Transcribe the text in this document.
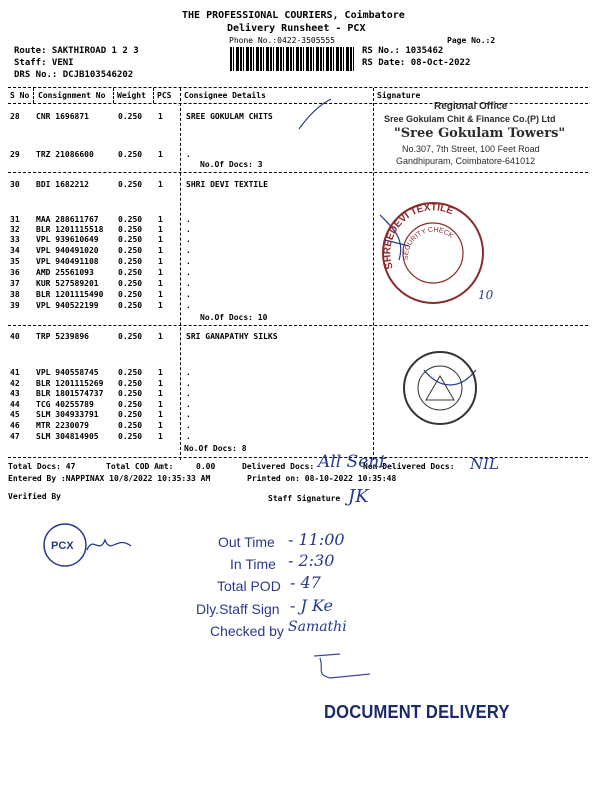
THE PROFESSIONAL COURIERS, Coimbatore
Delivery Runsheet - PCX
Phone No.:0422-3505555	Page No.:2
Route: SAKTHIROAD 1 2 3
Staff: VENI
DRS No.: DCJB103546202
RS No.: 1035462
RS Date: 08-Oct-2022
S No Consignment No Weight PCS Consignee Details	Signature
28 CNR 1696871	0.250 1	SREE GOKULAM CHITS
29 TRZ 21086600	0.250 1	.
No.Of Docs: 3
30 BDI 1682212	0.250 1	SHRI DEVI TEXTILE
31 MAA 288611767 0.250 1	.
32 BLR 1201115518 0.250 1	.
33 VPL 939610649 0.250 1	.
34 VPL 940491020 0.250 1	.
35 VPL 940491108 0.250 1	.
36 AMD 25561093	0.250 1	.
37 KUR 527589201 0.250 1	.
38 BLR 1201115490 0.250 1	.
39 VPL 940522199 0.250 1	.
No.Of Docs: 10
40 TRP 5239896	0.250 1	SRI GANAPATHY SILKS
41 VPL 940558745 0.250 1	.
42 BLR 1201115269 0.250 1	.
43 BLR 1801574737 0.250 1	.
44 TCG 40255789	0.250 1	.
45 SLM 304933791 0.250 1	.
46 MTR 2230079	0.250 1	.
47 SLM 304814905 0.250 1	.
No.Of Docs: 8
Total Docs: 47	Total COD Amt:	0.00	Delivered Docs:	Non-Delivered Docs:
Entered By :NAPPINAX 10/8/2022 10:35:33 AM	Printed on: 08-10-2022 10:35:48
Verified By	Staff Signature
All Sent	NIL
JK
10
Regional Office
Sree Gokulam Chit & Finance Co.(P) Ltd
"Sree Gokulam Towers"
No.307, 7th Street, 100 Feet Road
Gandhipuram, Coimbatore-641012
SHREEDEVI TEXTILE
SECURITY CHECK
PCX	Out Time - 11:00
In Time - 2:30
Total POD - 47
Dly.Staff Sign - J Ke
Checked by Samathi
DOCUMENT DELIVERY
